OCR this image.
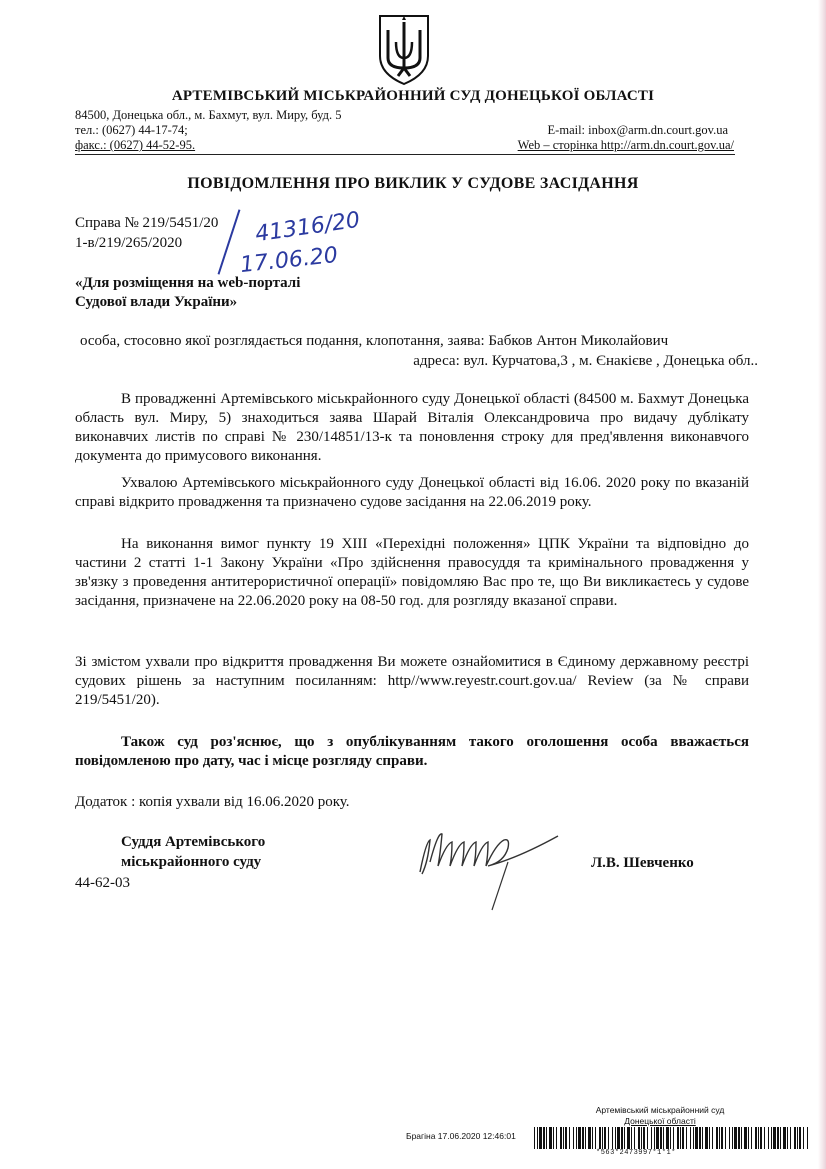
АРТЕМІВСЬКИЙ МІСЬКРАЙОННИЙ СУД ДОНЕЦЬКОЇ ОБЛАСТІ
84500, Донецька обл., м. Бахмут, вул. Миру, буд. 5
тел.: (0627) 44-17-74;
факс.: (0627) 44-52-95.
E-mail: inbox@arm.dn.court.gov.ua
Web – сторінка http://arm.dn.court.gov.ua/
ПОВІДОМЛЕННЯ ПРО ВИКЛИК У СУДОВЕ ЗАСІДАННЯ
Справа № 219/5451/20
1-в/219/265/2020	41316/20
17.06.20
«Для розміщення на web-порталі
Судової влади України»
особа, стосовно якої розглядається подання, клопотання, заява: Бабков Антон Миколайович
адреса: вул. Курчатова,3 , м. Єнакієве , Донецька обл..
В провадженні Артемівського міськрайонного суду Донецької області (84500 м. Бахмут Донецька область вул. Миру, 5) знаходиться заява Шарай Віталія Олександровича про видачу дублікату виконавчих листів по справі № 230/14851/13-к та поновлення строку для пред'явлення виконавчого документа до примусового виконання.
Ухвалою Артемівського міськрайонного суду Донецької області від 16.06. 2020 року по вказаній справі відкрито провадження та призначено судове засідання на 22.06.2019 року.
На виконання вимог пункту 19 XIII «Перехідні положення» ЦПК України та відповідно до частини 2 статті 1-1 Закону України «Про здійснення правосуддя та кримінального провадження у зв'язку з проведення антитерористичної операції» повідомляю Вас про те, що Ви викликаєтесь у судове засідання, призначене на 22.06.2020 року на 08-50 год. для розгляду вказаної справи.
Зі змістом ухвали про відкриття провадження Ви можете ознайомитися в Єдиному державному реєстрі судових рішень за наступним посиланням: http//www.reyestr.court.gov.ua/ Review (за № справи 219/5451/20).
Також суд роз'яснює, що з опублікуванням такого оголошення особа вважається повідомленою про дату, час і місце розгляду справи.
Додаток : копія ухвали від 16.06.2020 року.
Суддя Артемівського
міськрайонного суду
44-62-03
Л.В. Шевченко
Артемівський міськрайонний суд
Донецької області
Брагіна 17.06.2020 12:46:01
*563*2473997*1*1*
